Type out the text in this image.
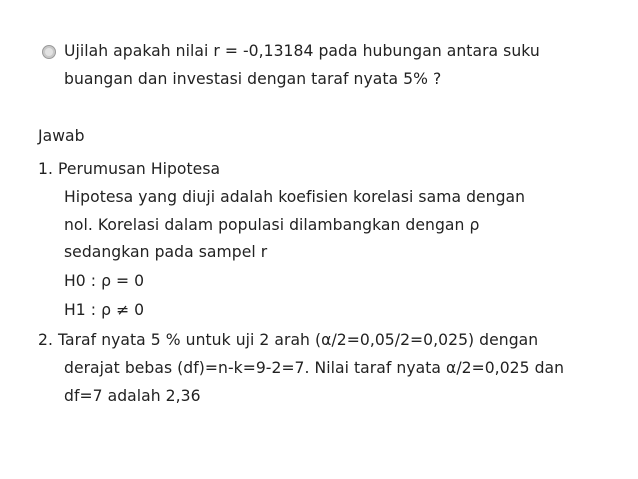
Ujilah apakah nilai r = -0,13184 pada hubungan antara suku
buangan dan investasi dengan taraf nyata 5% ?
Jawab
1. Perumusan Hipotesa
Hipotesa yang diuji adalah koefisien korelasi sama dengan
nol. Korelasi dalam populasi dilambangkan dengan ρ
sedangkan pada sampel r
H0 : ρ = 0
H1 : ρ ≠ 0
2. Taraf nyata 5 % untuk uji 2 arah (α/2=0,05/2=0,025) dengan
derajat bebas (df)=n-k=9-2=7. Nilai taraf nyata α/2=0,025 dan
df=7 adalah 2,36
